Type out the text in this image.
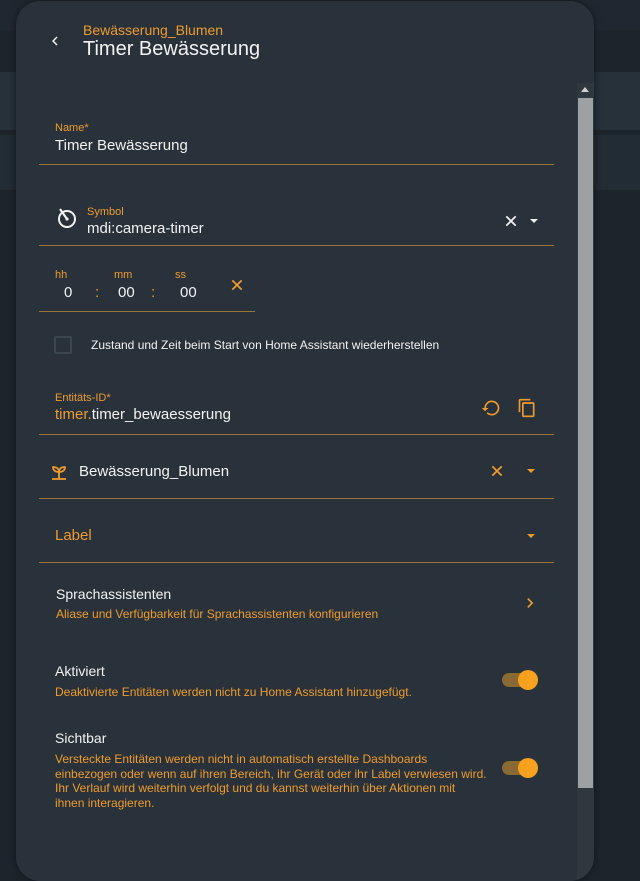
Bewässerung_Blumen
Timer Bewässerung
Name*
Timer Bewässerung
Symbol
mdi:camera-timer
hh	mm	ss
0 : 00 : 00
Zustand und Zeit beim Start von Home Assistant wiederherstellen
Entitäts-ID*
timer.timer_bewaesserung
Bewässerung_Blumen
Label
Sprachassistenten
Aliase und Verfügbarkeit für Sprachassistenten konfigurieren
Aktiviert
Deaktivierte Entitäten werden nicht zu Home Assistant hinzugefügt.
Sichtbar
Versteckte Entitäten werden nicht in automatisch erstellte Dashboards
einbezogen oder wenn auf ihren Bereich, ihr Gerät oder ihr Label verwiesen wird.
Ihr Verlauf wird weiterhin verfolgt und du kannst weiterhin über Aktionen mit
ihnen interagieren.
